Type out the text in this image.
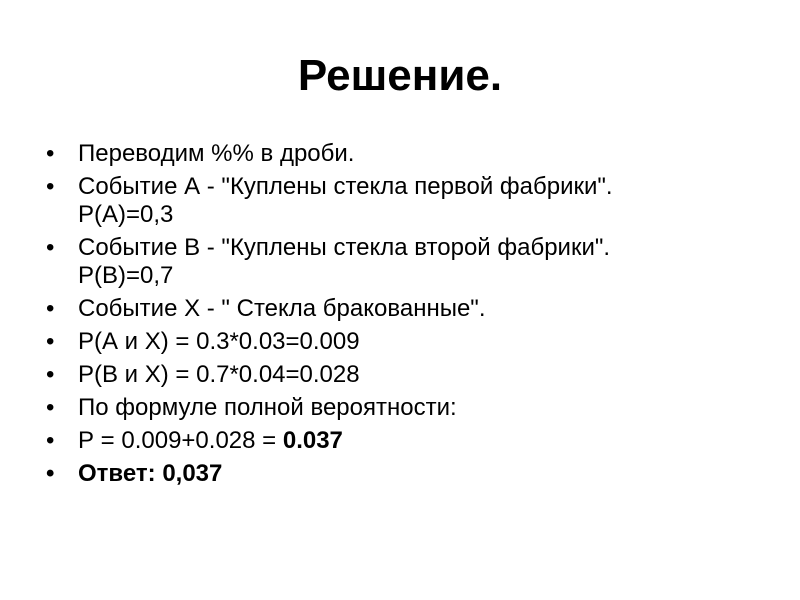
Решение.
• Переводим %% в дроби.
• Событие А - "Куплены стекла первой фабрики".
Р(А)=0,3
• Событие В - "Куплены стекла второй фабрики".
Р(В)=0,7
• Событие Х - " Стекла бракованные".
• Р(А и Х) = 0.3*0.03=0.009
• Р(В и Х) = 0.7*0.04=0.028
• По формуле полной вероятности:
• Р = 0.009+0.028 = 0.037
• Ответ: 0,037
